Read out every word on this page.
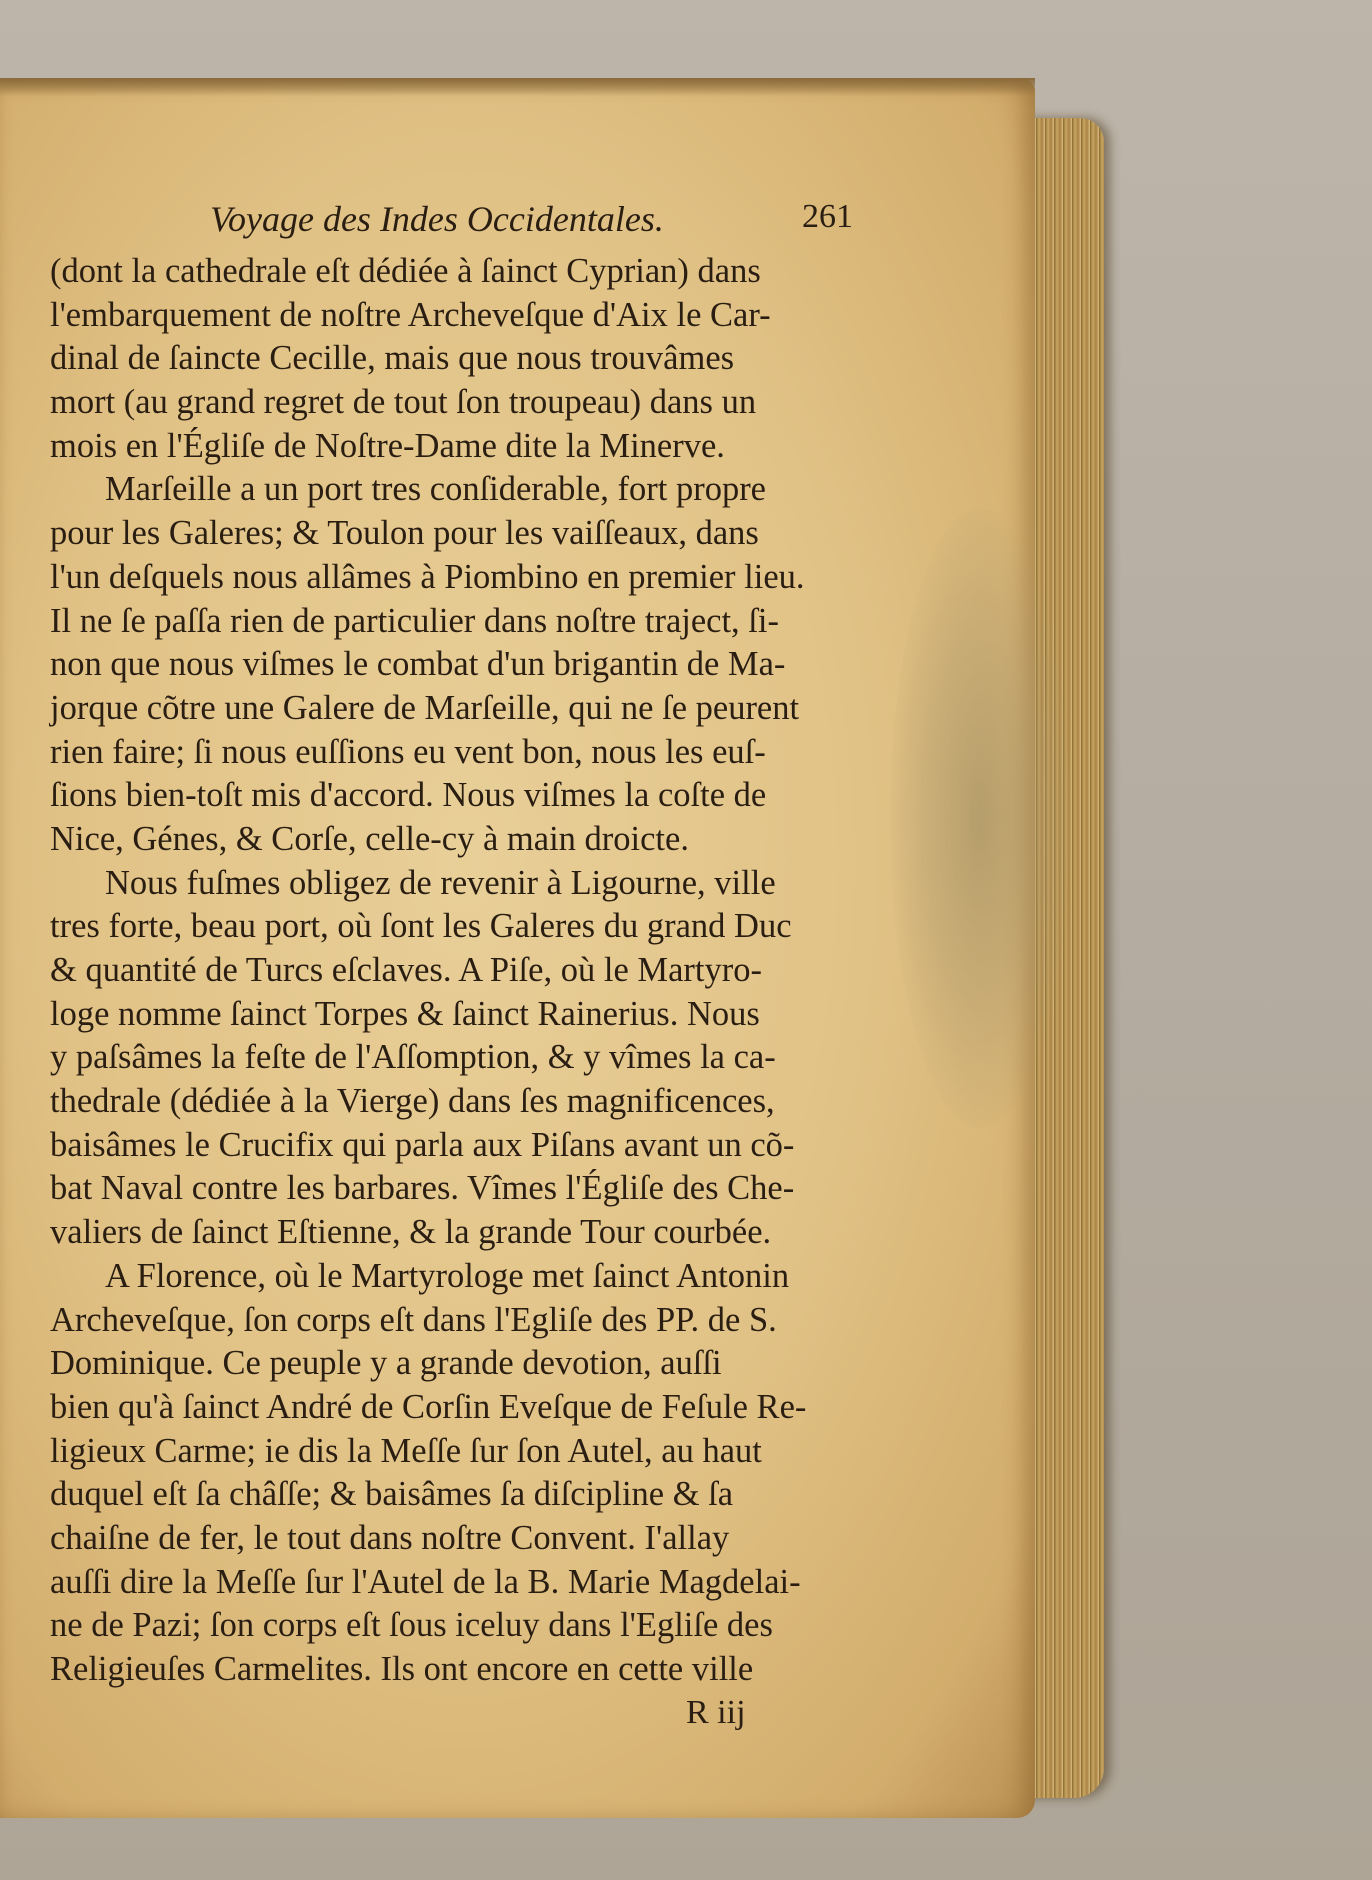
Voyage des Indes Occidentales.	261
(dont la cathedrale eſt dédiée à ſainct Cyprian) dans
l'embarquement de noſtre Archeveſque d'Aix le Car-
dinal de ſaincte Cecille, mais que nous trouvâmes
mort (au grand regret de tout ſon troupeau) dans un
mois en l'Égliſe de Noſtre-Dame dite la Minerve.
Marſeille a un port tres conſiderable, fort propre
pour les Galeres; & Toulon pour les vaiſſeaux, dans
l'un deſquels nous allâmes à Piombino en premier lieu.
Il ne ſe paſſa rien de particulier dans noſtre traject, ſi-
non que nous viſmes le combat d'un brigantin de Ma-
jorque cõtre une Galere de Marſeille, qui ne ſe peurent
rien faire; ſi nous euſſions eu vent bon, nous les euſ-
ſions bien-toſt mis d'accord. Nous viſmes la coſte de
Nice, Génes, & Corſe, celle-cy à main droicte.
Nous fuſmes obligez de revenir à Ligourne, ville
tres forte, beau port, où ſont les Galeres du grand Duc
& quantité de Turcs eſclaves. A Piſe, où le Martyro-
loge nomme ſainct Torpes & ſainct Rainerius. Nous
y paſsâmes la feſte de l'Aſſomption, & y vîmes la ca-
thedrale (dédiée à la Vierge) dans ſes magnificences,
baisâmes le Crucifix qui parla aux Piſans avant un cõ-
bat Naval contre les barbares. Vîmes l'Égliſe des Che-
valiers de ſainct Eſtienne, & la grande Tour courbée.
A Florence, où le Martyrologe met ſainct Antonin
Archeveſque, ſon corps eſt dans l'Egliſe des PP. de S.
Dominique. Ce peuple y a grande devotion, auſſi
bien qu'à ſainct André de Corſin Eveſque de Feſule Re-
ligieux Carme; ie dis la Meſſe ſur ſon Autel, au haut
duquel eſt ſa châſſe; & baisâmes ſa diſcipline & ſa
chaiſne de fer, le tout dans noſtre Convent. I'allay
auſſi dire la Meſſe ſur l'Autel de la B. Marie Magdelai-
ne de Pazi; ſon corps eſt ſous iceluy dans l'Egliſe des
Religieuſes Carmelites. Ils ont encore en cette ville
R iij
